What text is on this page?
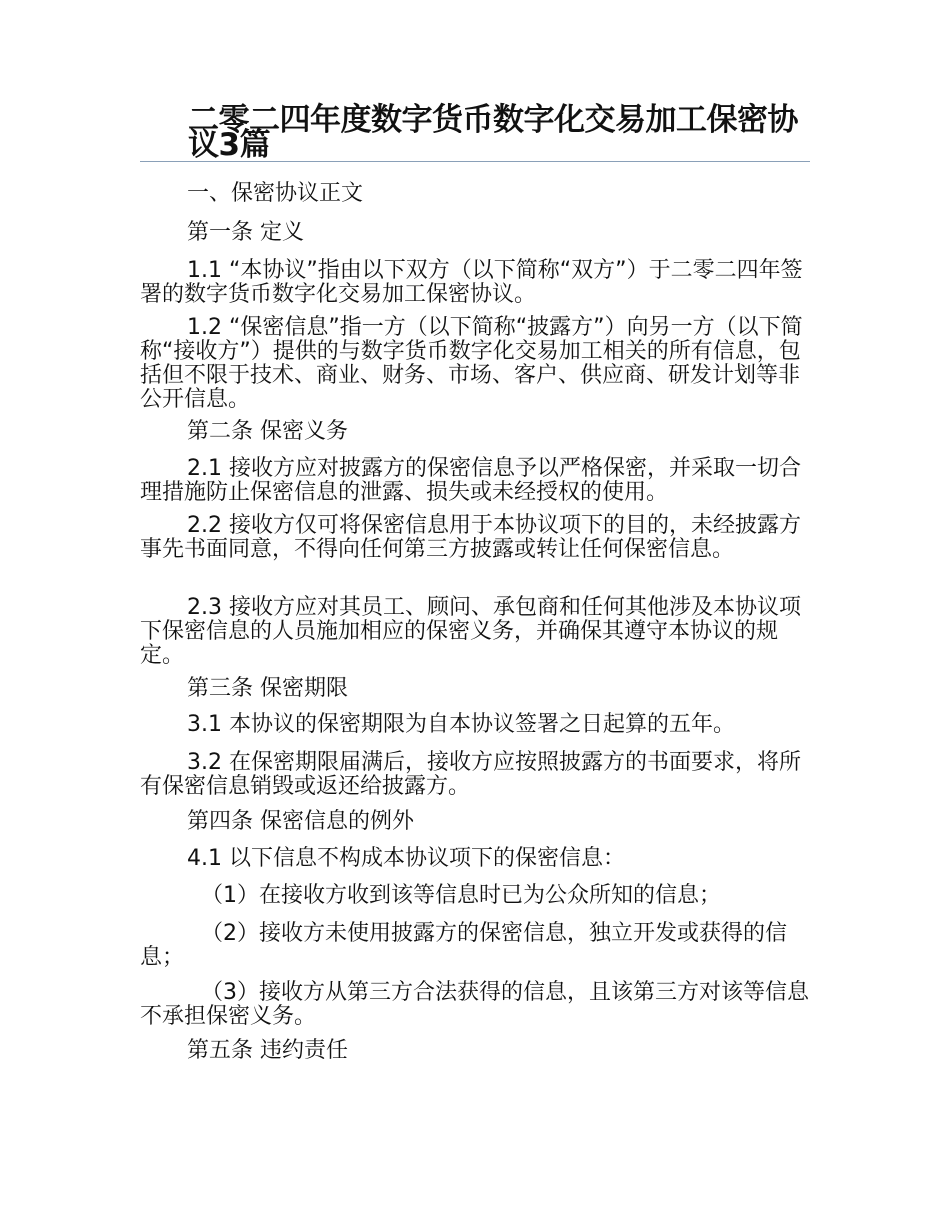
二零二四年度数字货币数字化交易加工保密协议3篇
一、保密协议正文
第一条 定义
1.1 “本协议”指由以下双方（以下简称“双方”）于二零二四年签署的数字货币数字化交易加工保密协议。
1.2 “保密信息”指一方（以下简称“披露方”）向另一方（以下简称“接收方”）提供的与数字货币数字化交易加工相关的所有信息，包括但不限于技术、商业、财务、市场、客户、供应商、研发计划等非公开信息。
第二条 保密义务
2.1 接收方应对披露方的保密信息予以严格保密，并采取一切合理措施防止保密信息的泄露、损失或未经授权的使用。
2.2 接收方仅可将保密信息用于本协议项下的目的，未经披露方事先书面同意，不得向任何第三方披露或转让任何保密信息。
2.3 接收方应对其员工、顾问、承包商和任何其他涉及本协议项下保密信息的人员施加相应的保密义务，并确保其遵守本协议的规定。
第三条 保密期限
3.1 本协议的保密期限为自本协议签署之日起算的五年。
3.2 在保密期限届满后，接收方应按照披露方的书面要求，将所有保密信息销毁或返还给披露方。
第四条 保密信息的例外
4.1 以下信息不构成本协议项下的保密信息：
（1）在接收方收到该等信息时已为公众所知的信息；
（2）接收方未使用披露方的保密信息，独立开发或获得的信息；
（3）接收方从第三方合法获得的信息，且该第三方对该等信息不承担保密义务。
第五条 违约责任
